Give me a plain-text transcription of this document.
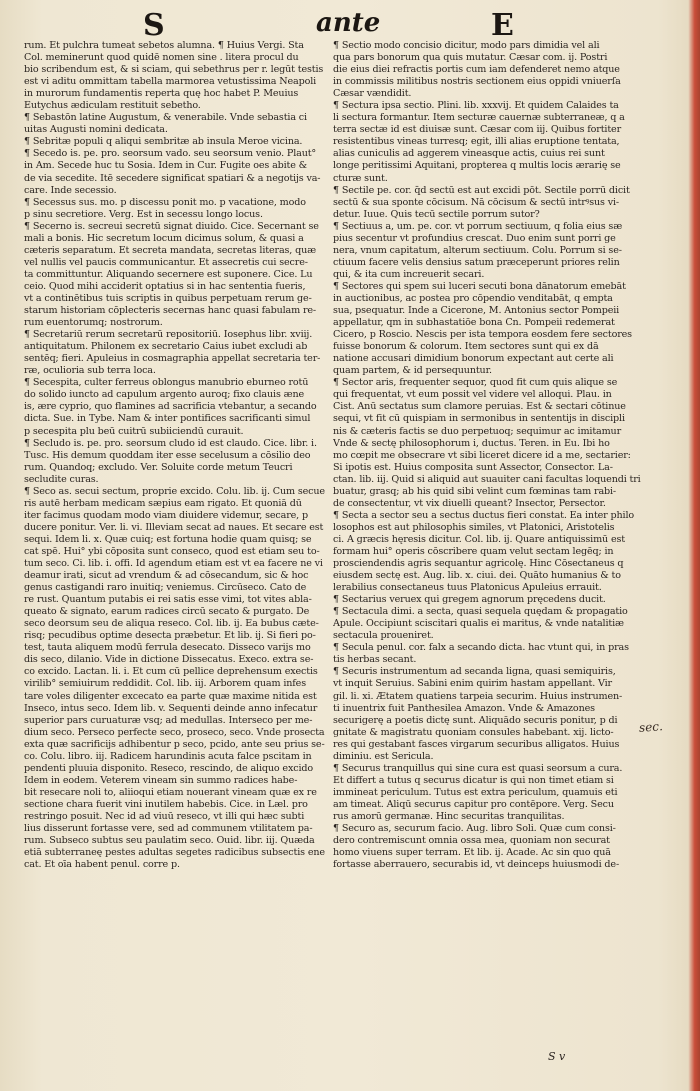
S	ante	E

rum. Et pulchra tumeat sebetos alumna. ¶ Huius Vergi. Sta

Col. meminerunt quod quidē nomen sine . litera procul du

bio scribendum est, & si sciam, qui sebethrus per r. legūt testis

est vi aditu ommittam tabella marmorea vetustissima Neapoli

in murorum fundamentis reperta quę hoc habet P. Meuius

Eutychus ædiculam restituit sebetho.

¶ Sebastōn latine Augustum, & venerabile. Vnde sebastia ci

uitas Augusti nomini dedicata.

¶ Sebritæ populi q aliqui sembritæ ab insula Meroe vicina.

¶ Secedo is. pe. pro. seorsum vado. seu seorsum venio. Plaut°

in Am. Secede huc tu Sosia. Idem in Cur. Fugite oes abite &

de via secedite. Itē secedere significat spatiari & a negotijs va-

care. Inde secessio.

¶ Secessus sus. mo. p discessu ponit mo. p vacatione, modo

p sinu secretiore. Verg. Est in secessu longo locus.

¶ Secerno is. secreui secretū signat diuido. Cice. Secernant se

mali a bonis. Hic secretum locum dicimus solum, & quasi a

cæteris separatum. Et secreta mandata, secretas literas, quæ

vel nullis vel paucis communicantur. Et assecretis cui secre-

ta committuntur. Aliquando secernere est suponere. Cice. Lu

ceio. Quod mihi acciderit optatius si in hac sententia fueris,

vt a continētibus tuis scriptis in quibus perpetuam rerum ge-

starum historiam cōplecteris secernas hanc quasi fabulam re-

rum euentorumq; nostrorum.

¶ Secretariū rerum secretarū repositoriū. Iosephus libr. xviij.

antiquitatum. Philonem ex secretario Caius iubet excludi ab

sentēq; fieri. Apuleius in cosmagraphia appellat secretaria ter-

ræ, oculioria sub terra loca.

¶ Secespita, culter ferreus oblongus manubrio eburneo rotū

do solido iuncto ad capulum argento auroq; fixo clauis æne

is, ære cyprio, quo flamines ad sacrificia vtebantur, a secando

dicta. Sue. in Tybe. Nam & inter pontifices sacrificanti simul

p secespita plu beū cuitrū subiiciendū curauit.

¶ Secludo is. pe. pro. seorsum cludo id est claudo. Cice. libr. i.

Tusc. His demum quoddam iter esse secelusum a cōsilio deo

rum. Quandoq; excludo. Ver. Soluite corde metum Teucri

secludite curas.

¶ Seco as. secui sectum, proprie excido. Colu. lib. ij. Cum secue

ris autē herbam medicam sæpius eam rigato. Et quoniā dū

iter facimus quodam modo viam diuidere videmur, secare, p

ducere ponitur. Ver. li. vi. Illeviam secat ad naues. Et secare est

sequi. Idem li. x. Quæ cuiq; est fortuna hodie quam quisq; se

cat spē. Hui° ybi cōposita sunt conseco, quod est etiam seu to-

tum seco. Ci. lib. i. offi. Id agendum etiam est vt ea facere ne vi

deamur irati, sicut ad vrendum & ad cōsecandum, sic & hoc

genus castigandi raro inuitiq; veniemus. Circūseco. Cato de

re rust. Quantum putabis ei rei satis esse vimi, tot vites abla-

queato & signato, earum radices circū secato & purgato. De

seco deorsum seu de aliqua reseco. Col. lib. ij. Ea bubus cæte-

risq; pecudibus optime desecta præbetur. Et lib. ij. Si fieri po-

test, tauta aliquem modū ferrula desecato. Disseco varijs mo

dis seco, dilanio. Vide in dictione Dissecatus. Execo. extra se-

co excido. Lactan. li. i. Et cum cū pellice deprehensum exectis

virilib° semiuirum reddidit. Col. lib. iij. Arborem quam infes

tare voles diligenter excecato ea parte quæ maxime nitida est

Inseco, intus seco. Idem lib. v. Sequenti deinde anno infecatur

superior pars curuaturæ vsq; ad medullas. Interseco per me-

dium seco. Perseco perfecte seco, proseco, seco. Vnde prosecta

exta quæ sacrificijs adhibentur p seco, pcido, ante seu prius se-

co. Colu. libro. iij. Radicem harundinis acuta falce pscitam in

pendenti pluuia disponito. Reseco, rescindo, de aliquo excido

Idem in eodem. Veterem vineam sin summo radices habe-

bit resecare noli to, aliioqui etiam nouerant vineam quæ ex re

sectione chara fuerit vini inutilem habebis. Cice. in Læl. pro

restringo posuit. Nec id ad viuū reseco, vt illi qui hæc subti

lius disserunt fortasse vere, sed ad communem vtilitatem pa-

rum. Subseco subtus seu paulatim seco. Ouid. libr. iij. Quæda

etiā subterraneę pestes adultas segetes radicibus subsectis ene

cat. Et oīa habent penul. corre p.

¶ Sectio modo concisio dicitur, modo pars dimidia vel ali

qua pars bonorum qua quis mutatur. Cæsar com. ij. Postri

die eius diei refractis portis cum iam defenderet nemo atque

in commissis militibus nostris sectionem eius oppidi vniuerſa

Cæsar vændidit.

¶ Sectura ipsa sectio. Plini. lib. xxxvij. Et quidem Calaides ta

li sectura formantur. Item secturæ cauernæ subterraneæ, q a

terra sectæ id est diuisæ sunt. Cæsar com iij. Quibus fortiter

resistentibus vineas turresq; egit, illi alias eruptione tentata,

alias cuniculis ad aggerem vineasque actis, cuius rei sunt

longe peritissimi Aquitani, propterea q multis locis ærarię se

cturæ sunt.

¶ Sectile pe. cor. q̄d sectū est aut excidi pōt. Sectile porrū dicit

sectū & sua sponte cōcisum. Nā cōcisum & sectū intrꝰsus vi-

detur. Iuue. Quis tecū sectile porrum sutor?

¶ Sectiuus a, um. pe. cor. vt porrum sectiuum, q folia eius sæ

pius secentur vt profundius crescat. Duo enim sunt porri ge

nera, vnum capitatum, alterum sectiuum. Colu. Porrum si se-

ctiuum facere velis densius satum præceperunt priores relin

qui, & ita cum increuerit secari.

¶ Sectores qui spem sui luceri secuti bona dānatorum emebāt

in auctionibus, ac postea pro cōpendio venditabāt, q empta

sua, psequatur. Inde a Cicerone, M. Antonius sector Pompeii

appellatur, qm in subhastatiōe bona Cn. Pompeii redemerat

Cicero, p Roscio. Nescis per ista tempora eosdem fere sectores

fuisse bonorum & colorum. Item sectores sunt qui ex dā

natione accusari dimidium bonorum expectant aut certe ali

quam partem, & id persequuntur.

¶ Sector aris, frequenter sequor, quod fit cum quis alique se

qui frequentat, vt eum possit vel videre vel alloqui. Plau. in

Cist. Anū sectatus sum clamore peruias. Est & sectari cōtinue

sequi, vt fit cū quispiam in sermonibus in sententijs in discipli

nis & cæteris factis se duo perpetuoq; sequimur ac imitamur

Vnde & sectę philosophorum i, ductus. Teren. in Eu. Ibi ho

mo cœpit me obsecrare vt sibi liceret dicere id a me, sectarier:

Si ipotis est. Huius composita sunt Assector, Consector. La-

ctan. lib. iij. Quid si aliquid aut suauiter cani facultas loquendi tri

buatur, grasq; ab his quid sibi velint cum fœminas tam rabi-

de consectentur, vt vix diuelli queant? Insector, Persector.

¶ Secta a sector seu a sectus ductus fieri constat. Ea inter philo

losophos est aut philosophis similes, vt Platonici, Aristotelis

ci. A græcis hęresis dicitur. Col. lib. ij. Quare antiquissimū est

formam hui° operis cōscribere quam velut sectam legēq; in

prosciendendis agris sequantur agricolę. Hinc Cōsectaneus q

eiusdem sectę est. Aug. lib. x. ciui. dei. Quāto humanius & to

lerabilius consectaneus tuus Platonicus Apuleius errauit.

¶ Sectarius veruex qui gregem agnorum pręcedens ducit.

¶ Sectacula dimi. a secta, quasi sequela quędam & propagatio

Apule. Occipiunt sciscitari qualis ei maritus, & vnde natalitiæ

sectacula proueniret.

¶ Secula penul. cor. falx a secando dicta. hac vtunt qui, in pras

tis herbas secant.

¶ Securis instrumentum ad secanda ligna, quasi semiquiris,

vt inquit Seruius. Sabini enim quirim hastam appellant. Vir

gil. li. xi. Ætatem quatiens tarpeia securim. Huius instrumen-

ti inuentrix fuit Panthesilea Amazon. Vnde & Amazones

securigerę a poetis dictę sunt. Aliquādo securis ponitur, p di

gnitate & magistratu quoniam consules habebant. xij. licto-

res qui gestabant fasces virgarum securibus alligatos. Huius

diminiu. est Sericula.

¶ Securus tranquillus qui sine cura est quasi seorsum a cura.

Et differt a tutus q securus dicatur is qui non timet etiam si

immineat periculum. Tutus est extra periculum, quamuis eti

am timeat. Aliqū securus capitur pro contēpore. Verg. Secu

rus amorū germanæ. Hinc securitas tranquilitas.

¶ Securo as, securum facio. Aug. libro Soli. Quæ cum consi-

dero contremiscunt omnia ossa mea, quoniam non securat

homo viuens super terram. Et lib. ij. Acade. Ac sin quo quā

fortasse aberrauero, securabis id, vt deinceps huiusmodi de-

sec.
S v
